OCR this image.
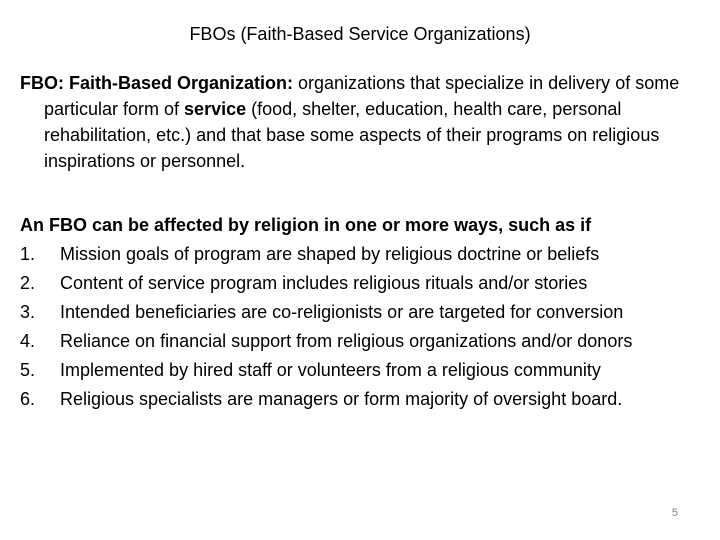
FBOs (Faith-Based Service Organizations)
FBO: Faith-Based Organization: organizations that specialize in delivery of some particular form of service (food, shelter, education, health care, personal rehabilitation, etc.) and that base some aspects of their programs on religious inspirations or personnel.

An FBO can be affected by religion in one or more ways, such as if

1. Mission goals of program are shaped by religious doctrine or beliefs
2. Content of service program includes religious rituals and/or stories
3. Intended beneficiaries are co-religionists or are targeted for conversion
4. Reliance on financial support from religious organizations and/or donors
5. Implemented by hired staff or volunteers from a religious community
6. Religious specialists are managers or form majority of oversight board.
5
